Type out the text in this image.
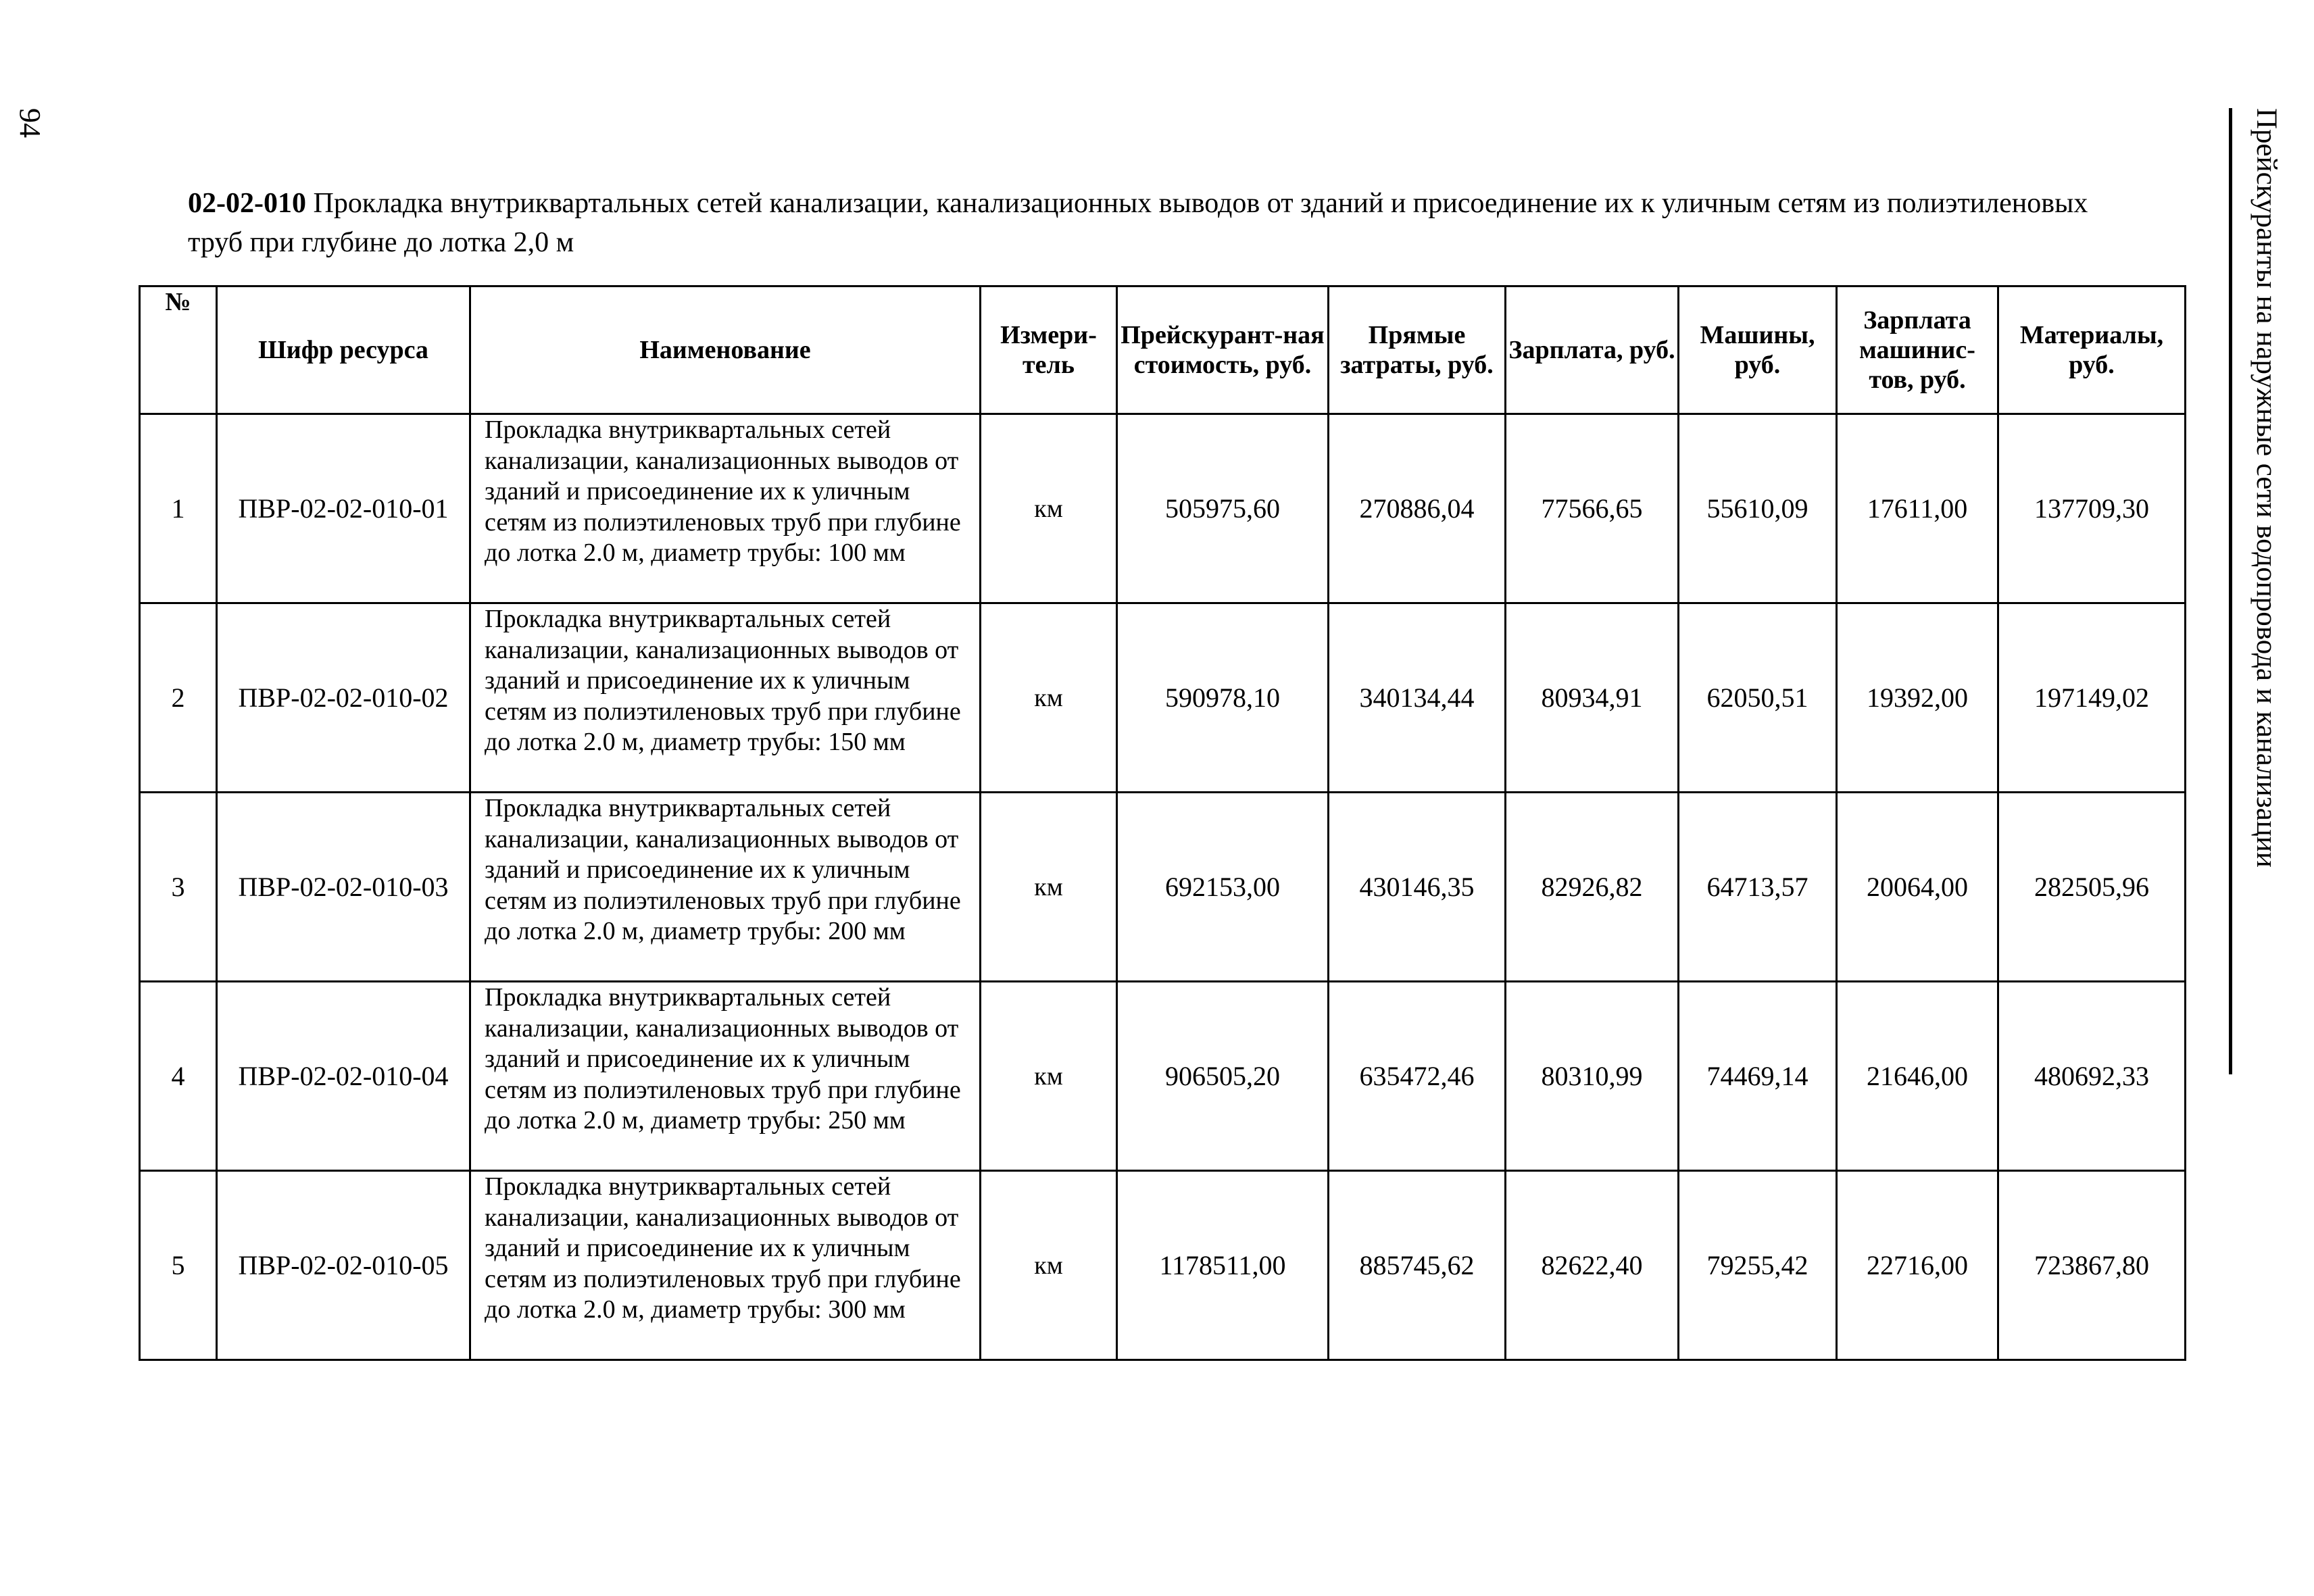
94	Прейскуранты на наружные сети водопровода и канализации
02-02-010 Прокладка внутриквартальных сетей канализации, канализационных выводов от зданий и присоединение их к уличным сетям из полиэтиленовых труб при глубине до лотка 2,0 м
№	Шифр ресурса	Наименование	Измери-тель	Прейскурант-ная стоимость, руб.	Прямые затраты, руб.	Зарплата, руб.	Машины, руб.	Зарплата машинис-тов, руб.	Материалы, руб.
1	ПВР-02-02-010-01	Прокладка внутриквартальных сетей канализации, канализационных выводов от зданий и присоединение их к уличным сетям из полиэтиленовых труб при глубине до лотка 2.0 м, диаметр трубы: 100 мм	км	505975,60	270886,04	77566,65	55610,09	17611,00	137709,30
2	ПВР-02-02-010-02	Прокладка внутриквартальных сетей канализации, канализационных выводов от зданий и присоединение их к уличным сетям из полиэтиленовых труб при глубине до лотка 2.0 м, диаметр трубы: 150 мм	км	590978,10	340134,44	80934,91	62050,51	19392,00	197149,02
3	ПВР-02-02-010-03	Прокладка внутриквартальных сетей канализации, канализационных выводов от зданий и присоединение их к уличным сетям из полиэтиленовых труб при глубине до лотка 2.0 м, диаметр трубы: 200 мм	км	692153,00	430146,35	82926,82	64713,57	20064,00	282505,96
4	ПВР-02-02-010-04	Прокладка внутриквартальных сетей канализации, канализационных выводов от зданий и присоединение их к уличным сетям из полиэтиленовых труб при глубине до лотка 2.0 м, диаметр трубы: 250 мм	км	906505,20	635472,46	80310,99	74469,14	21646,00	480692,33
5	ПВР-02-02-010-05	Прокладка внутриквартальных сетей канализации, канализационных выводов от зданий и присоединение их к уличным сетям из полиэтиленовых труб при глубине до лотка 2.0 м, диаметр трубы: 300 мм	км	1178511,00	885745,62	82622,40	79255,42	22716,00	723867,80
